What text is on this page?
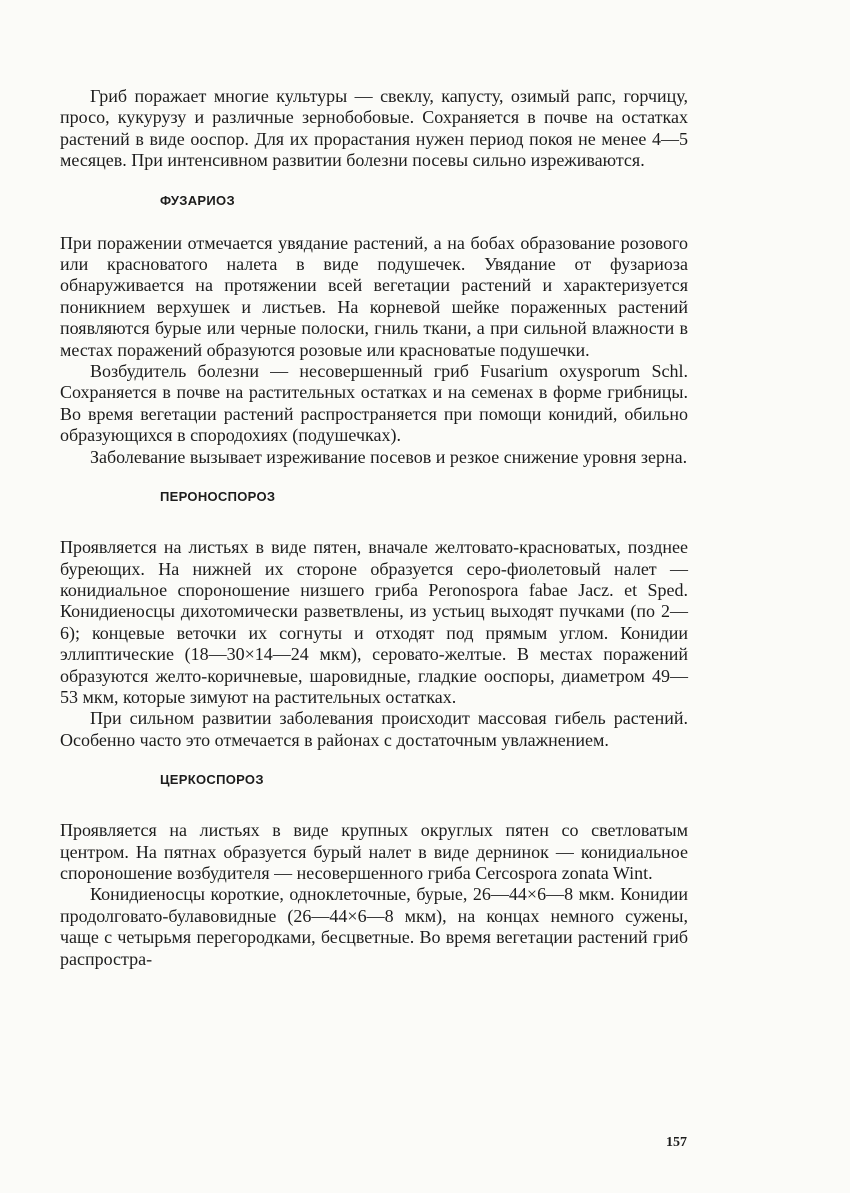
Гриб поражает многие культуры — свеклу, капусту, озимый рапс, горчицу, просо, кукурузу и различные зернобобовые. Сохраняется в почве на остатках растений в виде ооспор. Для их прорастания нужен период покоя не менее 4—5 месяцев. При интенсивном развитии болезни посевы сильно изреживаются.

ФУЗАРИОЗ

При поражении отмечается увядание растений, а на бобах образование розового или красноватого налета в виде подушечек. Увядание от фузариоза обнаруживается на протяжении всей вегетации растений и характеризуется поникнием верхушек и листьев. На корневой шейке пораженных растений появляются бурые или черные полоски, гниль ткани, а при сильной влажности в местах поражений образуются розовые или красноватые подушечки.

Возбудитель болезни — несовершенный гриб Fusarium oxysporum Schl. Сохраняется в почве на растительных остатках и на семенах в форме грибницы. Во время вегетации растений распространяется при помощи конидий, обильно образующихся в спородохиях (подушечках).

Заболевание вызывает изреживание посевов и резкое снижение уровня зерна.

ПЕРОНОСПОРОЗ

Проявляется на листьях в виде пятен, вначале желтовато-красноватых, позднее буреющих. На нижней их стороне образуется серо-фиолетовый налет — конидиальное спороношение низшего гриба Peronospora fabae Jacz. et Sped. Конидиеносцы дихотомически разветвлены, из устьиц выходят пучками (по 2—6); концевые веточки их согнуты и отходят под прямым углом. Конидии эллиптические (18—30×14—24 мкм), серовато-желтые. В местах поражений образуются желто-коричневые, шаровидные, гладкие ооспоры, диаметром 49—53 мкм, которые зимуют на растительных остатках.

При сильном развитии заболевания происходит массовая гибель растений. Особенно часто это отмечается в районах с достаточным увлажнением.

ЦЕРКОСПОРОЗ

Проявляется на листьях в виде крупных округлых пятен со светловатым центром. На пятнах образуется бурый налет в виде дернинок — конидиальное спороношение возбудителя — несовершенного гриба Cercospora zonata Wint.

Конидиеносцы короткие, одноклеточные, бурые, 26—44×6—8 мкм. Конидии продолговато-булавовидные (26—44×6—8 мкм), на концах немного сужены, чаще с четырьмя перегородками, бесцветные. Во время вегетации растений гриб распростра-

157
